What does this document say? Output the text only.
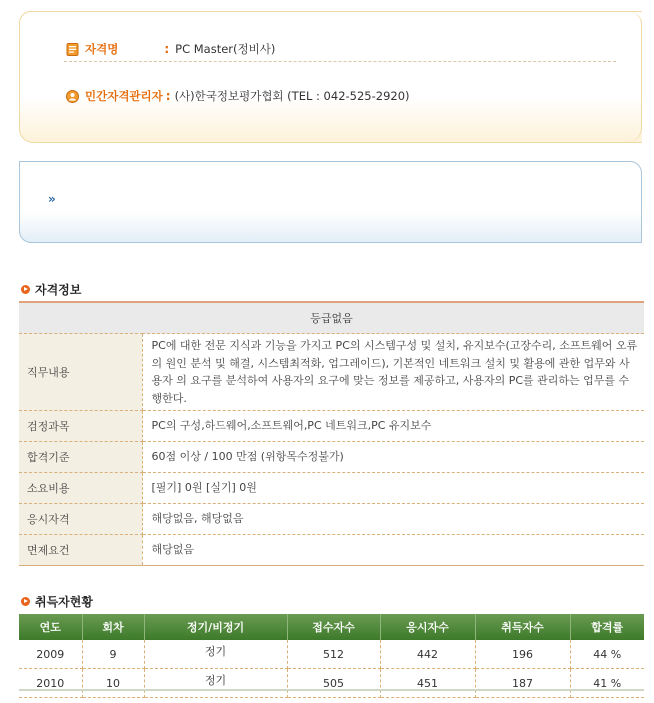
자격명	: PC Master(정비사)
민간자격관리자 : (사)한국정보평가협회 (TEL : 042-525-2920)
»
자격정보
등급없음	
직무내용	PC에 대한 전문 지식과 기능을 가지고 PC의 시스템구성 및 설치, 유지보수(고장수리, 소프트웨어 오류의 원인 분석 및 해결, 시스템최적화, 업그레이드), 기본적인 네트워크 설치 및 활용에 관한 업무와 사용자 의 요구를 분석하여 사용자의 요구에 맞는 정보를 제공하고, 사용자의 PC를 관리하는 업무를 수행한다.
검정과목	PC의 구성,하드웨어,소프트웨어,PC 네트워크,PC 유지보수
합격기준	60점 이상 / 100 만점 (위항목수정불가)
소요비용	[필기] 0원 [실기] 0원
응시자격	해당없음, 해당없음
면제요건	해당없음
취득자현황
연도	회차	정기/비정기	접수자수	응시자수	취득자수	합격률
2009	9	정기	512	442	196	44 %
2010	10	정기	505	451	187	41 %
